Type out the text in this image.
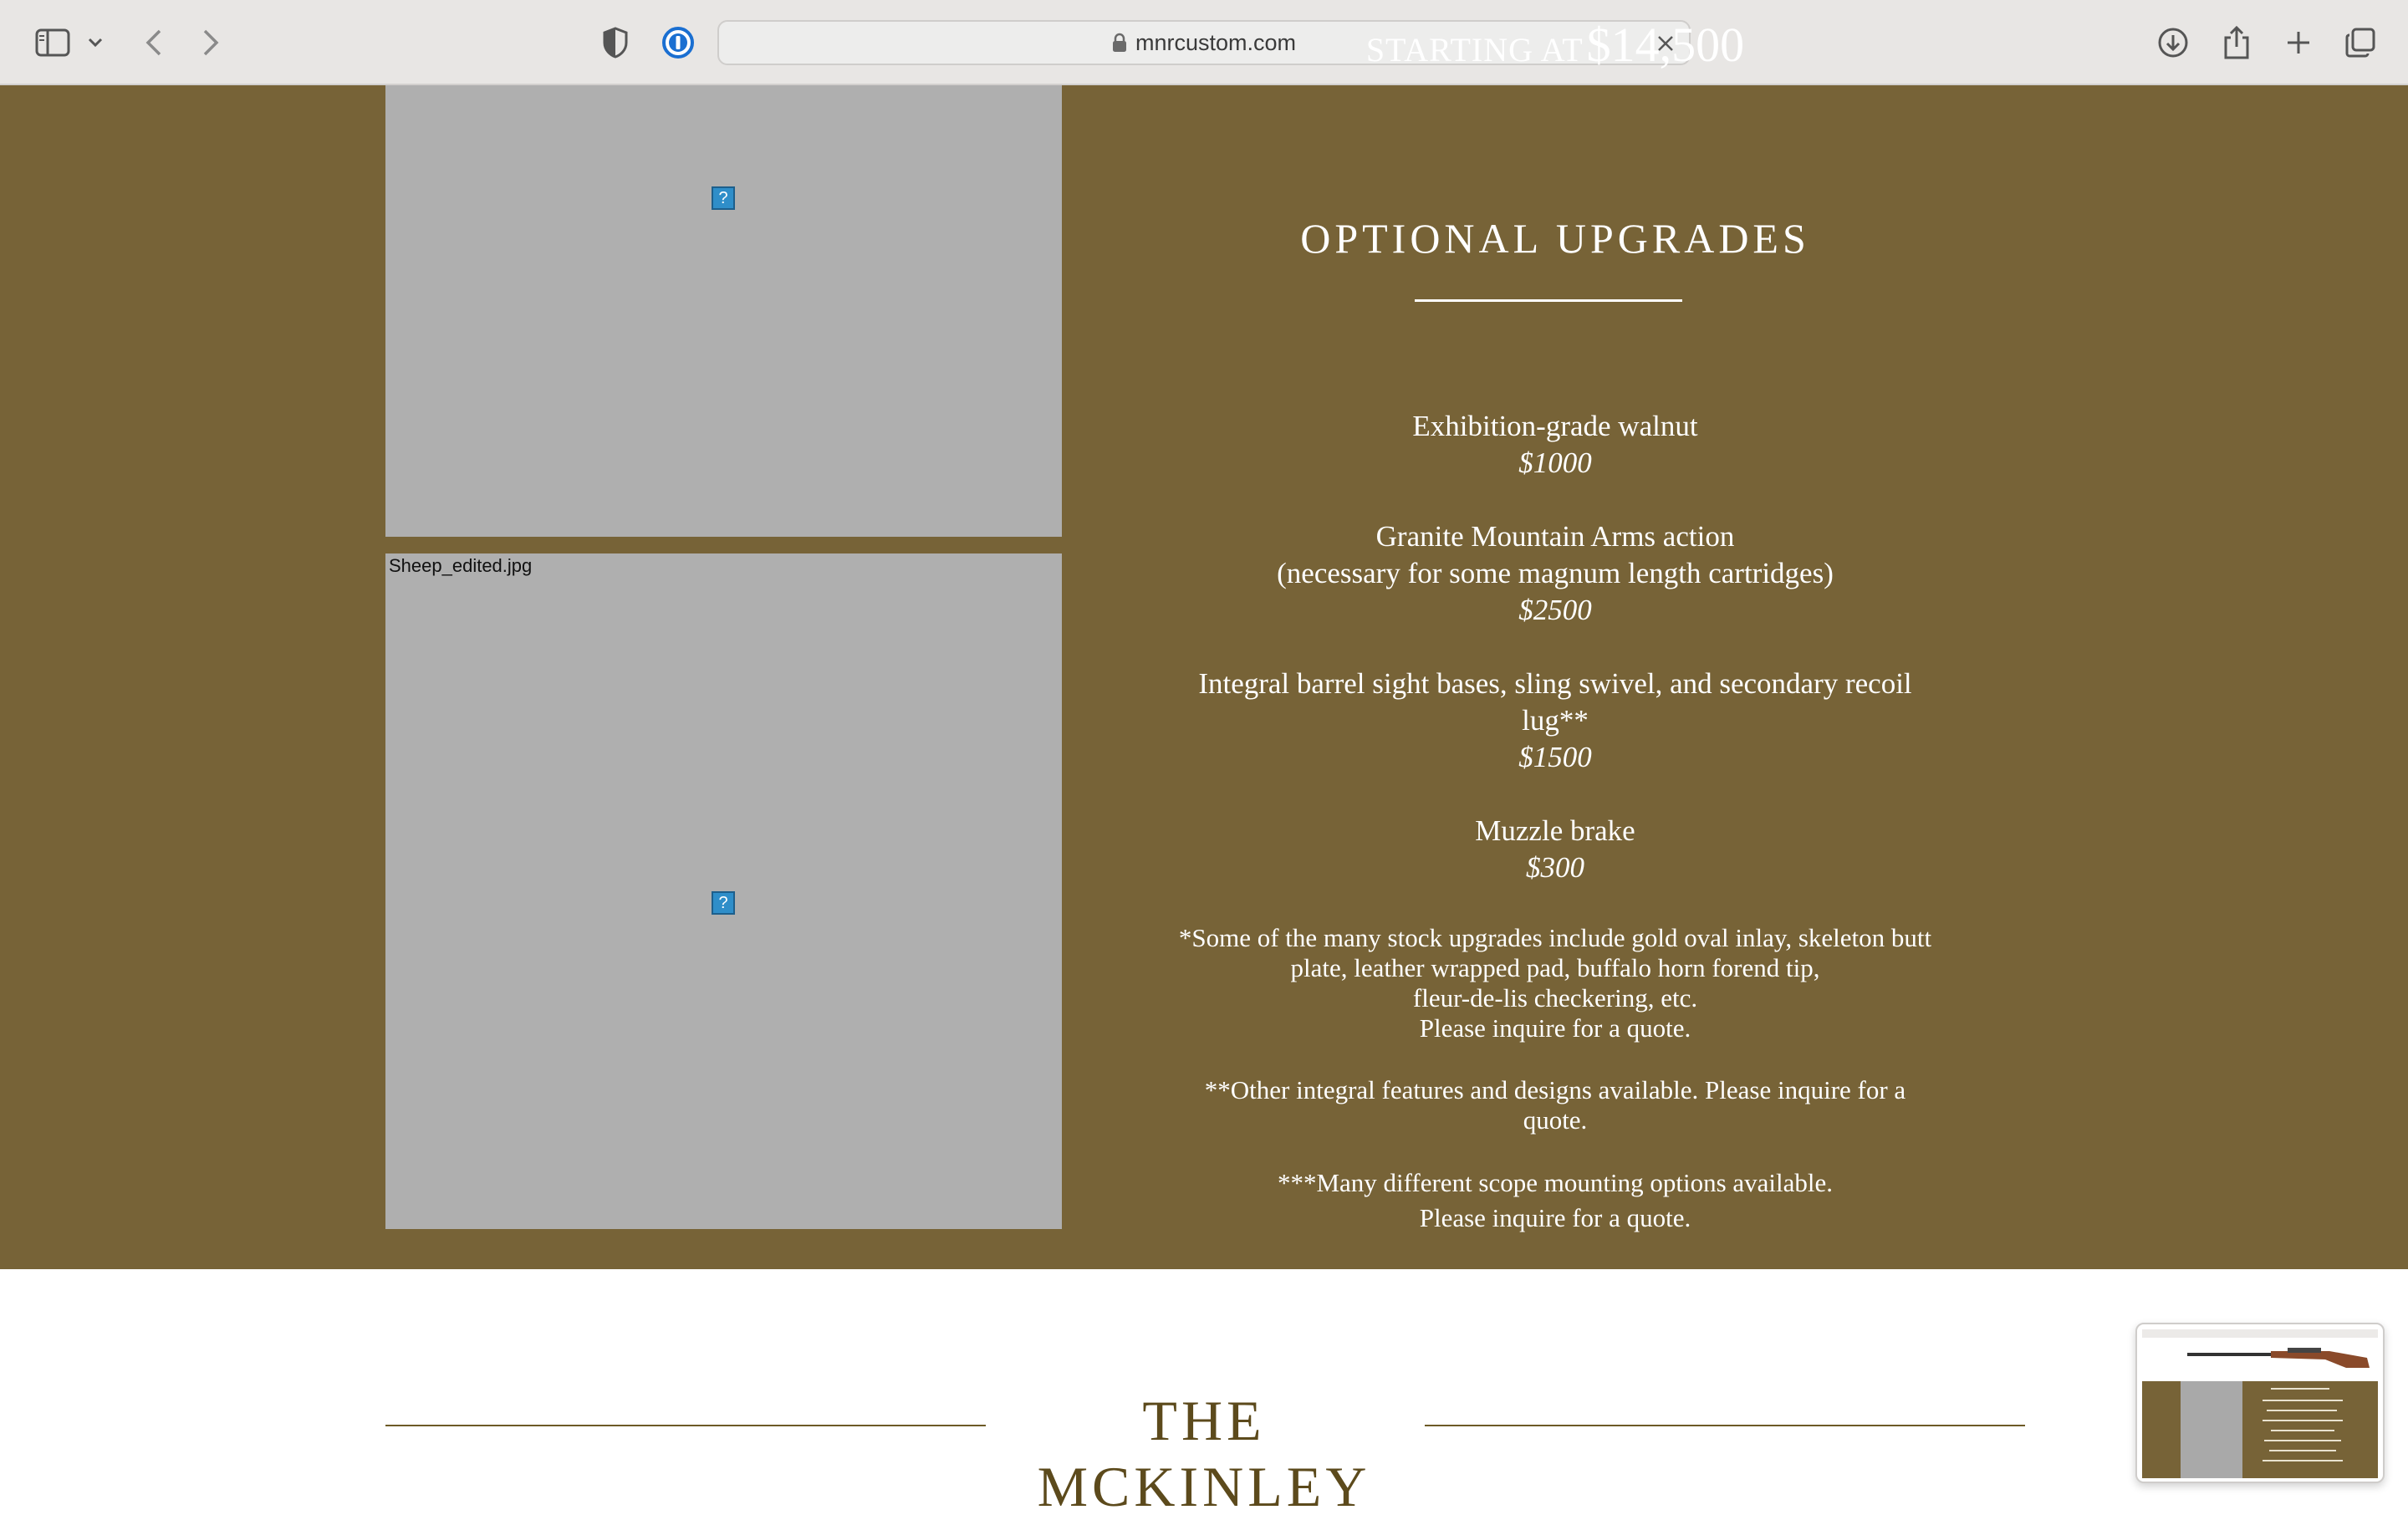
mnrcustom.com
?
Sheep_edited.jpg
?
STARTING AT $14,500
OPTIONAL UPGRADES
Exhibition-grade walnut
$1000
Granite Mountain Arms action
(necessary for some magnum length cartridges)
$2500
Integral barrel sight bases, sling swivel, and secondary recoil
lug**
$1500
Muzzle brake
$300
*Some of the many stock upgrades include gold oval inlay, skeleton butt
plate, leather wrapped pad, buffalo horn forend tip,
fleur-de-lis checkering, etc.
Please inquire for a quote.
**Other integral features and designs available. Please inquire for a
quote.
***Many different scope mounting options available.
Please inquire for a quote.
THE MCKINLEY
